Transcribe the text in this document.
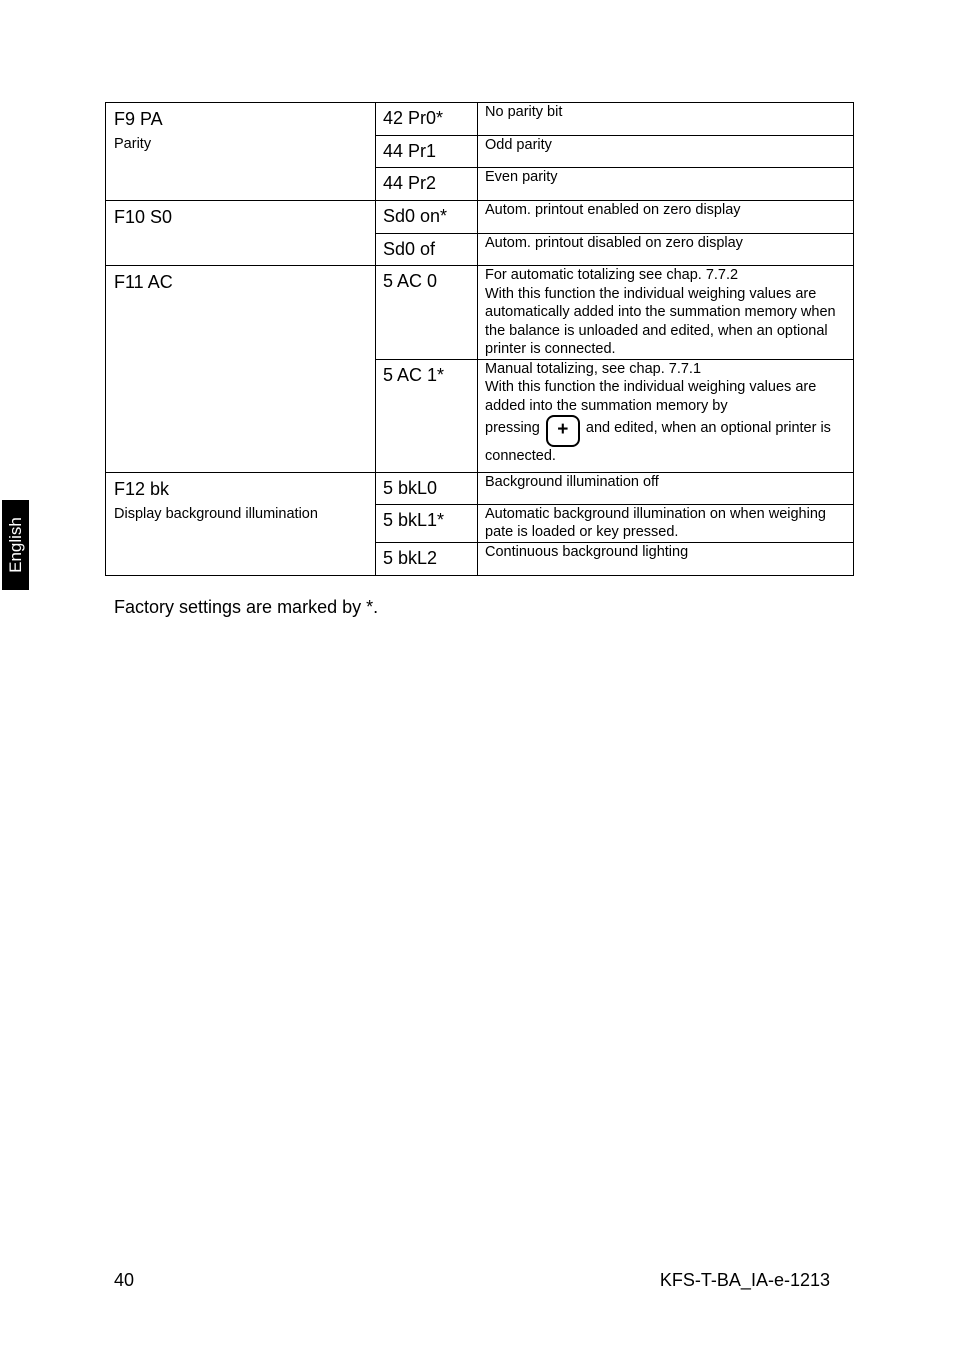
English
F9 PA
Parity	42 Pr0*	No parity bit
	44 Pr1	Odd parity
	44 Pr2	Even parity

F10 S0	Sd0 on*	Autom. printout enabled on zero display
	Sd0 of	Autom. printout disabled on zero display

F11 AC	5 AC 0	For automatic totalizing see chap. 7.7.2
With this function the individual weighing values are automatically added into the summation memory when the balance is unloaded and edited, when an optional printer is connected.
	5 AC 1*	Manual totalizing, see chap. 7.7.1
With this function the individual weighing values are added into the summation memory by
pressing + and edited, when an optional printer is connected.

F12 bk
Display background illumination	5 bkL0	Background illumination off
	5 bkL1*	Automatic background illumination on when weighing pate is loaded or key pressed.
	5 bkL2	Continuous background lighting
Factory settings are marked by *.
40	KFS-T-BA_IA-e-1213
